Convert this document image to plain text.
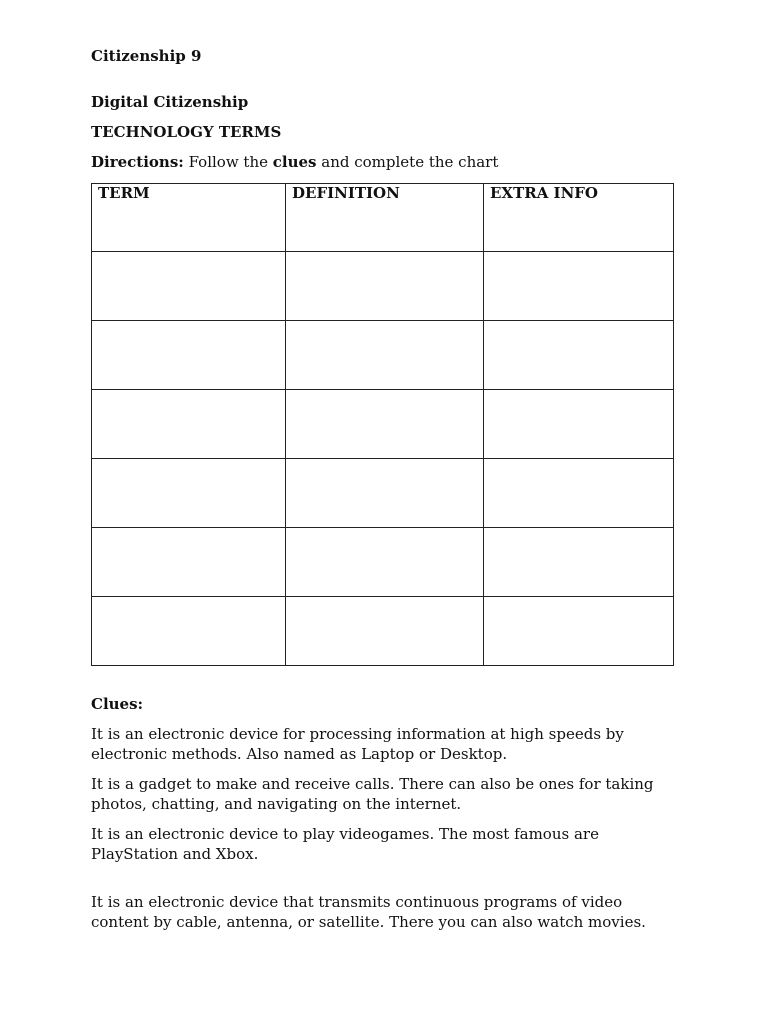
Citizenship 9
Digital Citizenship
TECHNOLOGY TERMS
Directions: Follow the clues and complete the chart
TERM	DEFINITION	EXTRA INFO

Clues:
It is an electronic device for processing information at high speeds by electronic methods. Also named as Laptop or Desktop.
It is a gadget to make and receive calls. There can also be ones for taking photos, chatting, and navigating on the internet.
It is an electronic device to play videogames. The most famous are PlayStation and Xbox.
It is an electronic device that transmits continuous programs of video content by cable, antenna, or satellite. There you can also watch movies.
